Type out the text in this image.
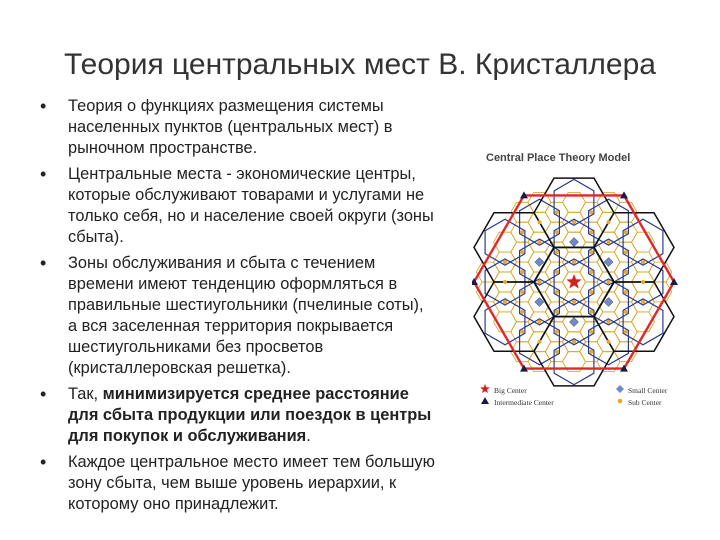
Теория центральных мест В. Кристаллера
• Теория о функциях размещения системы населенных пунктов (центральных мест) в рыночном пространстве.
• Центральные места - экономические центры, которые обслуживают товарами и услугами не только себя, но и население своей округи (зоны сбыта).
• Зоны обслуживания и сбыта с течением времени имеют тенденцию оформляться в правильные шестиугольники (пчелиные соты), а вся заселенная территория покрывается шестиугольниками без просветов (кристаллеровская решетка).
• Так, минимизируется среднее расстояние для сбыта продукции или поездок в центры для покупок и обслуживания.
• Каждое центральное место имеет тем большую зону сбыта, чем выше уровень иерархии, к которому оно принадлежит.
Central Place Theory Model
Big Center
Intermediate Center
Small Center
Sub Center
